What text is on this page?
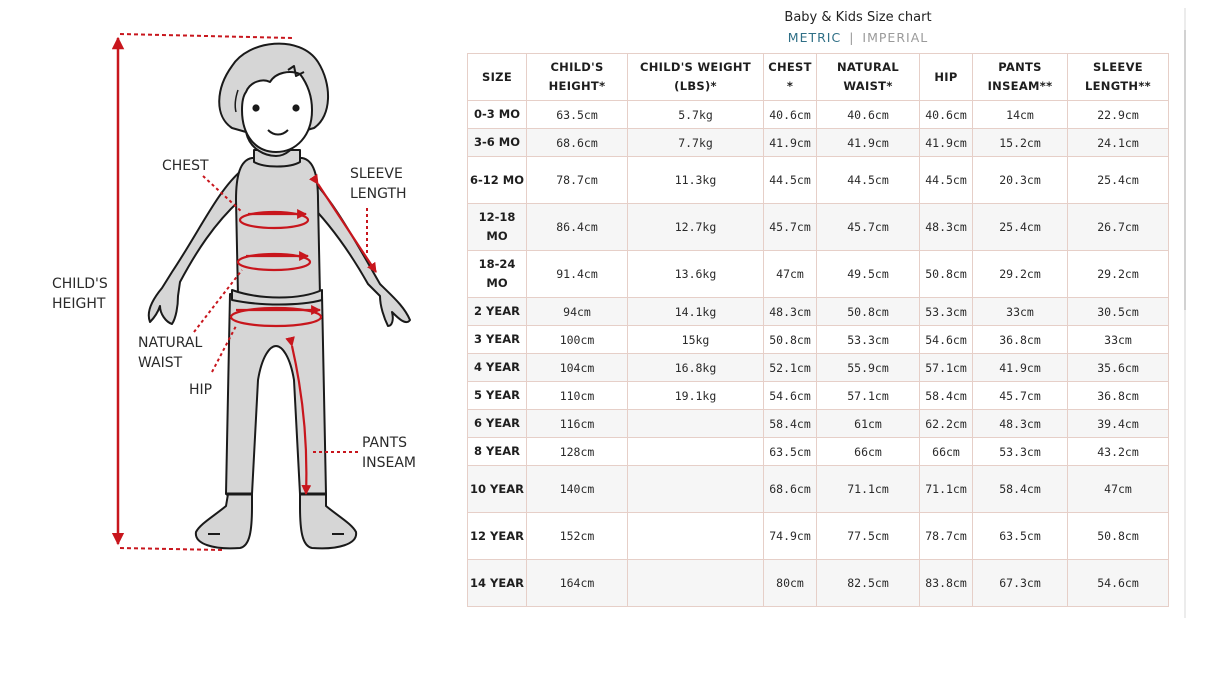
CHILD'S
HEIGHT
CHEST	SLEEVE
LENGTH
NATURAL
WAIST
HIP
PANTS
INSEAM
Baby & Kids Size chart
METRIC | IMPERIAL
SIZE	CHILD'S HEIGHT*	CHILD'S WEIGHT (LBS)*	CHEST *	NATURAL WAIST*	HIP	PANTS INSEAM**	SLEEVE LENGTH**
0-3 MO	63.5cm	5.7kg	40.6cm	40.6cm	40.6cm	14cm	22.9cm
3-6 MO	68.6cm	7.7kg	41.9cm	41.9cm	41.9cm	15.2cm	24.1cm
6-12 MO	78.7cm	11.3kg	44.5cm	44.5cm	44.5cm	20.3cm	25.4cm
12-18 MO	86.4cm	12.7kg	45.7cm	45.7cm	48.3cm	25.4cm	26.7cm
18-24 MO	91.4cm	13.6kg	47cm	49.5cm	50.8cm	29.2cm	29.2cm
2 YEAR	94cm	14.1kg	48.3cm	50.8cm	53.3cm	33cm	30.5cm
3 YEAR	100cm	15kg	50.8cm	53.3cm	54.6cm	36.8cm	33cm
4 YEAR	104cm	16.8kg	52.1cm	55.9cm	57.1cm	41.9cm	35.6cm
5 YEAR	110cm	19.1kg	54.6cm	57.1cm	58.4cm	45.7cm	36.8cm
6 YEAR	116cm		58.4cm	61cm	62.2cm	48.3cm	39.4cm
8 YEAR	128cm		63.5cm	66cm	66cm	53.3cm	43.2cm
10 YEAR	140cm		68.6cm	71.1cm	71.1cm	58.4cm	47cm
12 YEAR	152cm		74.9cm	77.5cm	78.7cm	63.5cm	50.8cm
14 YEAR	164cm		80cm	82.5cm	83.8cm	67.3cm	54.6cm
